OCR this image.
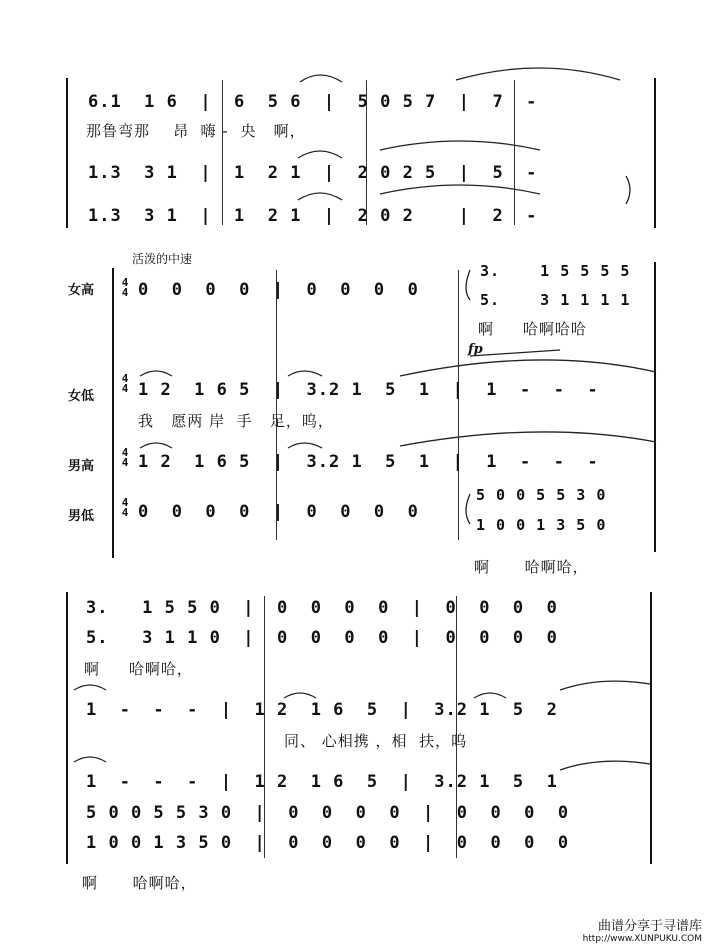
6.1  1 6  |  6  5 6  |  5 0 5 7  |  7  -
那鲁弯那    昂  嗨 -  央   啊，
1.3  3 1  |  1  2 1  |  2 0 2 5  |  5  -
1.3  3 1  |  1  2 1  |  2 0 2    |  2  -
活泼的中速
女高
4
4 0  0  0  0  |  0  0  0  0
3.    1 5 5 5 5
5.    3 1 1 1 1
啊     哈啊哈哈
fp
女低
4
4 1 2  1 6 5  |  3.2 1  5  1  |  1  -  -  -
我   愿两 岸  手   足，呜，
男高
4
4 1 2  1 6 5  |  3.2 1  5  1  |  1  -  -  -
男低
4
4 0  0  0  0  |  0  0  0  0
5 0 0 5 5 3 0
1 0 0 1 3 5 0
啊      哈啊哈，
3.   1 5 5 0  |  0  0  0  0  |  0  0  0  0
5.   3 1 1 0  |  0  0  0  0  |  0  0  0  0
啊     哈啊哈，
1  -  -  -  |  1 2  1 6  5  |  3.2 1  5  2
同、 心相携 ，相  扶，呜
1  -  -  -  |  1 2  1 6  5  |  3.2 1  5  1
5 0 0 5 5 3 0  |  0  0  0  0  |  0  0  0  0
1 0 0 1 3 5 0  |  0  0  0  0  |  0  0  0  0
啊      哈啊哈，
曲谱分享于寻谱库
http://www.XUNPUKU.COM
